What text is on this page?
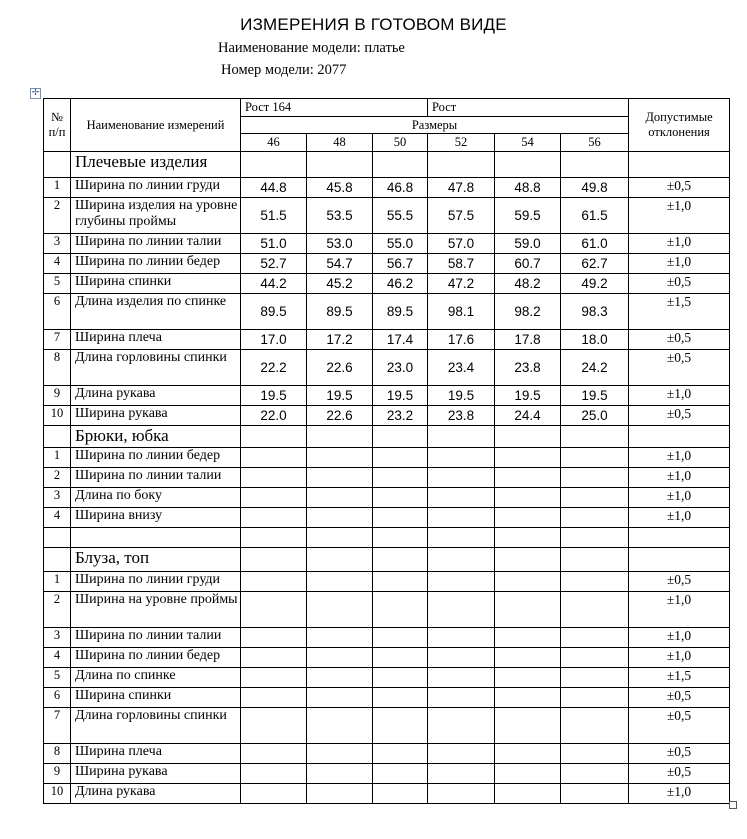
ИЗМЕРЕНИЯ В ГОТОВОМ ВИДЕ
Наименование модели: платье
Номер модели: 2077
✢
№ п/п	Наименование измерений	Рост 164			Рост			Допустимые отклонения
		Размеры						
		46	48	50	52	54	56	
	Плечевые изделия							
1	Ширина по линии груди	44.8	45.8	46.8	47.8	48.8	49.8	±0,5
2	Ширина изделия на уровне глубины проймы	51.5	53.5	55.5	57.5	59.5	61.5	±1,0
3	Ширина по линии талии	51.0	53.0	55.0	57.0	59.0	61.0	±1,0
4	Ширина по линии бедер	52.7	54.7	56.7	58.7	60.7	62.7	±1,0
5	Ширина спинки	44.2	45.2	46.2	47.2	48.2	49.2	±0,5
6	Длина изделия по спинке	89.5	89.5	89.5	98.1	98.2	98.3	±1,5
7	Ширина плеча	17.0	17.2	17.4	17.6	17.8	18.0	±0,5
8	Длина горловины спинки	22.2	22.6	23.0	23.4	23.8	24.2	±0,5
9	Длина рукава	19.5	19.5	19.5	19.5	19.5	19.5	±1,0
10	Ширина рукава	22.0	22.6	23.2	23.8	24.4	25.0	±0,5
	Брюки, юбка							
1	Ширина по линии бедер							±1,0
2	Ширина по линии талии							±1,0
3	Длина по боку							±1,0
4	Ширина внизу							±1,0

	Блуза, топ							
1	Ширина по линии груди							±0,5
2	Ширина на уровне проймы							±1,0
3	Ширина по линии талии							±1,0
4	Ширина по линии бедер							±1,0
5	Длина по спинке							±1,5
6	Ширина спинки							±0,5
7	Длина горловины спинки							±0,5
8	Ширина плеча							±0,5
9	Ширина рукава							±0,5
10	Длина рукава							±1,0
